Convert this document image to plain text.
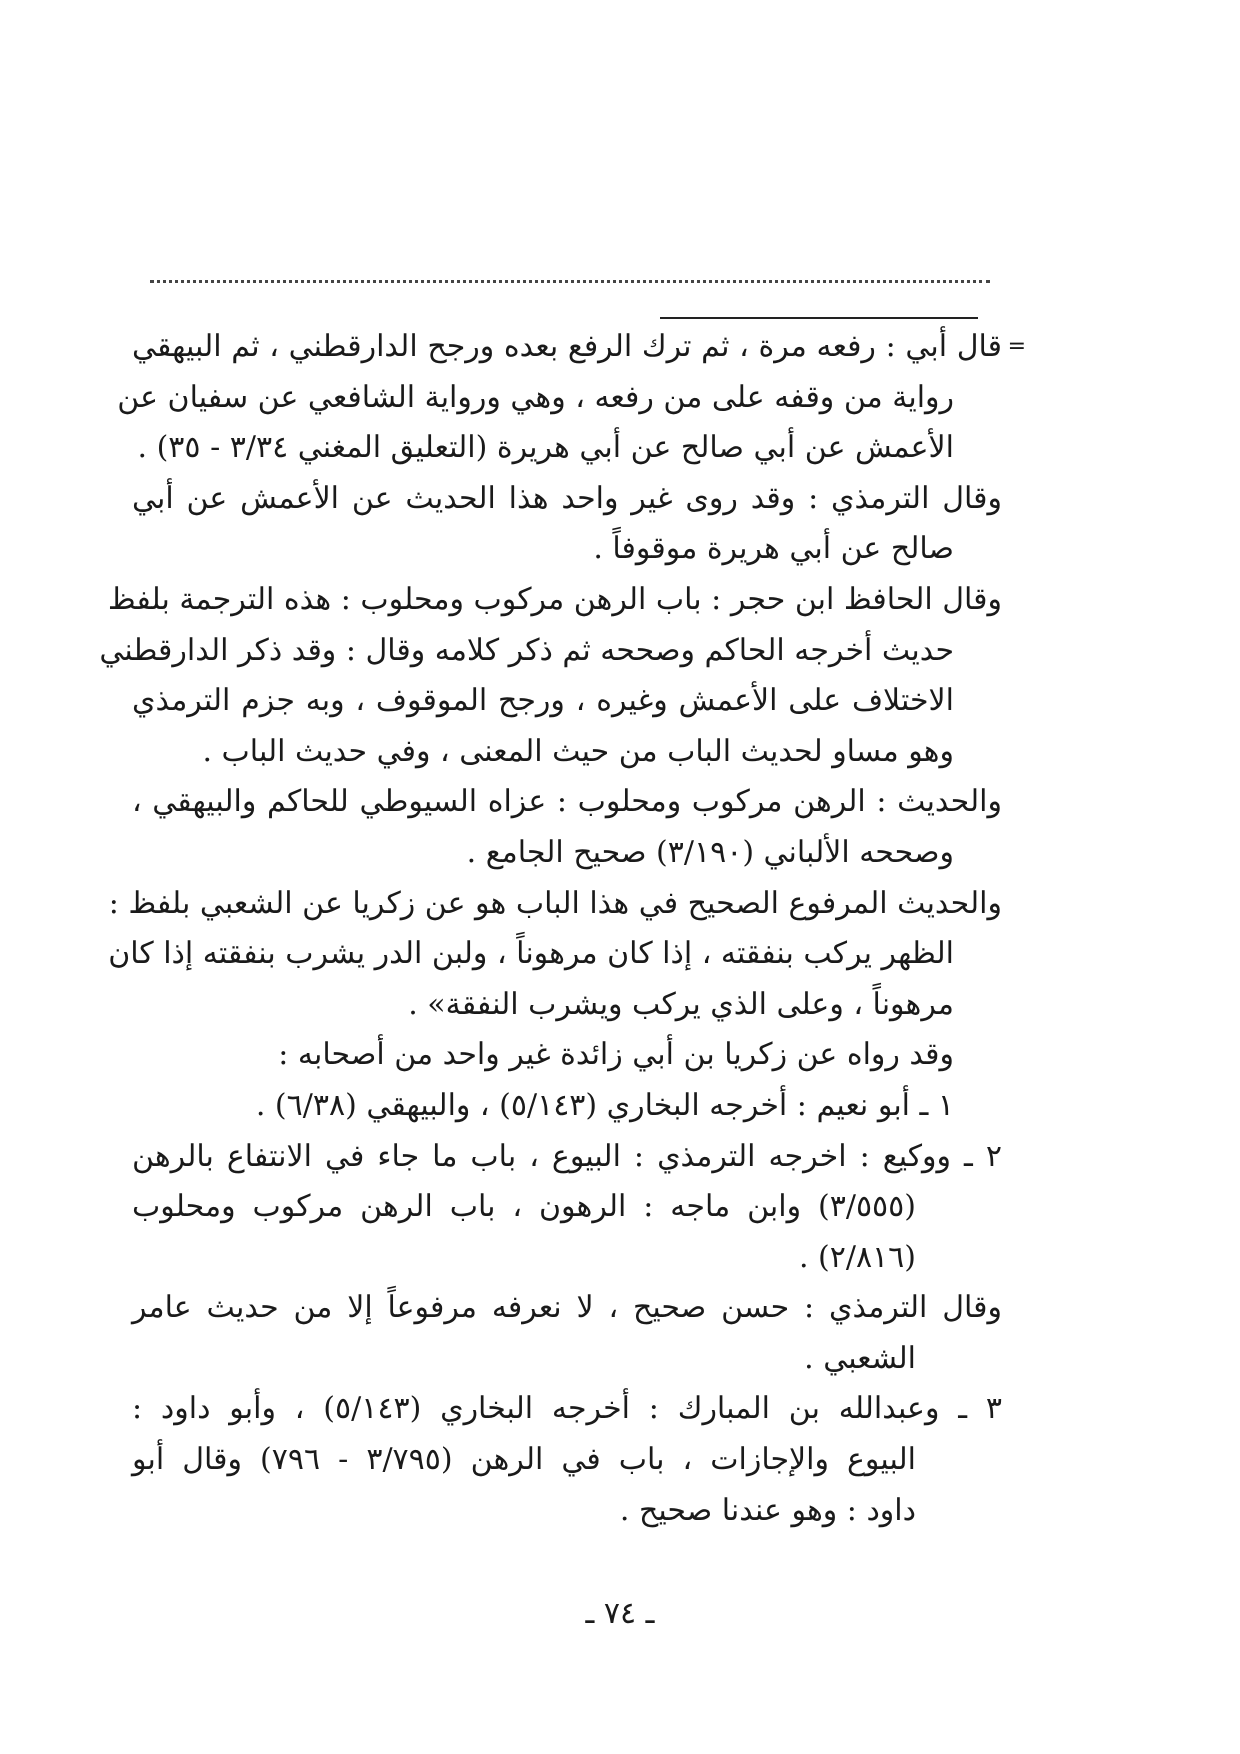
=
قال أبي : رفعه مرة ، ثم ترك الرفع بعده ورجح الدارقطني ، ثم البيهقي
رواية من وقفه على من رفعه ، وهي ورواية الشافعي عن سفيان عن
الأعمش عن أبي صالح عن أبي هريرة (التعليق المغني ٣/٣٤ - ٣٥) .
وقال الترمذي : وقد روى غير واحد هذا الحديث عن الأعمش عن أبي
صالح عن أبي هريرة موقوفاً .
وقال الحافظ ابن حجر : باب الرهن مركوب ومحلوب : هذه الترجمة بلفظ
حديث أخرجه الحاكم وصححه ثم ذكر كلامه وقال : وقد ذكر الدارقطني
الاختلاف على الأعمش وغيره ، ورجح الموقوف ، وبه جزم الترمذي
وهو مساو لحديث الباب من حيث المعنى ، وفي حديث الباب .
والحديث : الرهن مركوب ومحلوب : عزاه السيوطي للحاكم والبيهقي ،
وصححه الألباني (٣/١٩٠) صحيح الجامع .
والحديث المرفوع الصحيح في هذا الباب هو عن زكريا عن الشعبي بلفظ :
الظهر يركب بنفقته ، إذا كان مرهوناً ، ولبن الدر يشرب بنفقته إذا كان
مرهوناً ، وعلى الذي يركب ويشرب النفقة» .
وقد رواه عن زكريا بن أبي زائدة غير واحد من أصحابه :
١ ـ أبو نعيم : أخرجه البخاري (٥/١٤٣) ، والبيهقي (٦/٣٨) .
٢ ـ ووكيع : اخرجه الترمذي : البيوع ، باب ما جاء في الانتفاع بالرهن
(٣/٥٥٥) وابن ماجه : الرهون ، باب الرهن مركوب ومحلوب
(٢/٨١٦) .
وقال الترمذي : حسن صحيح ، لا نعرفه مرفوعاً إلا من حديث عامر
الشعبي .
٣ ـ وعبدالله بن المبارك : أخرجه البخاري (٥/١٤٣) ، وأبو داود :
البيوع والإجازات ، باب في الرهن (٣/٧٩٥ - ٧٩٦) وقال أبو
داود : وهو عندنا صحيح .
ـ ٧٤ ـ
